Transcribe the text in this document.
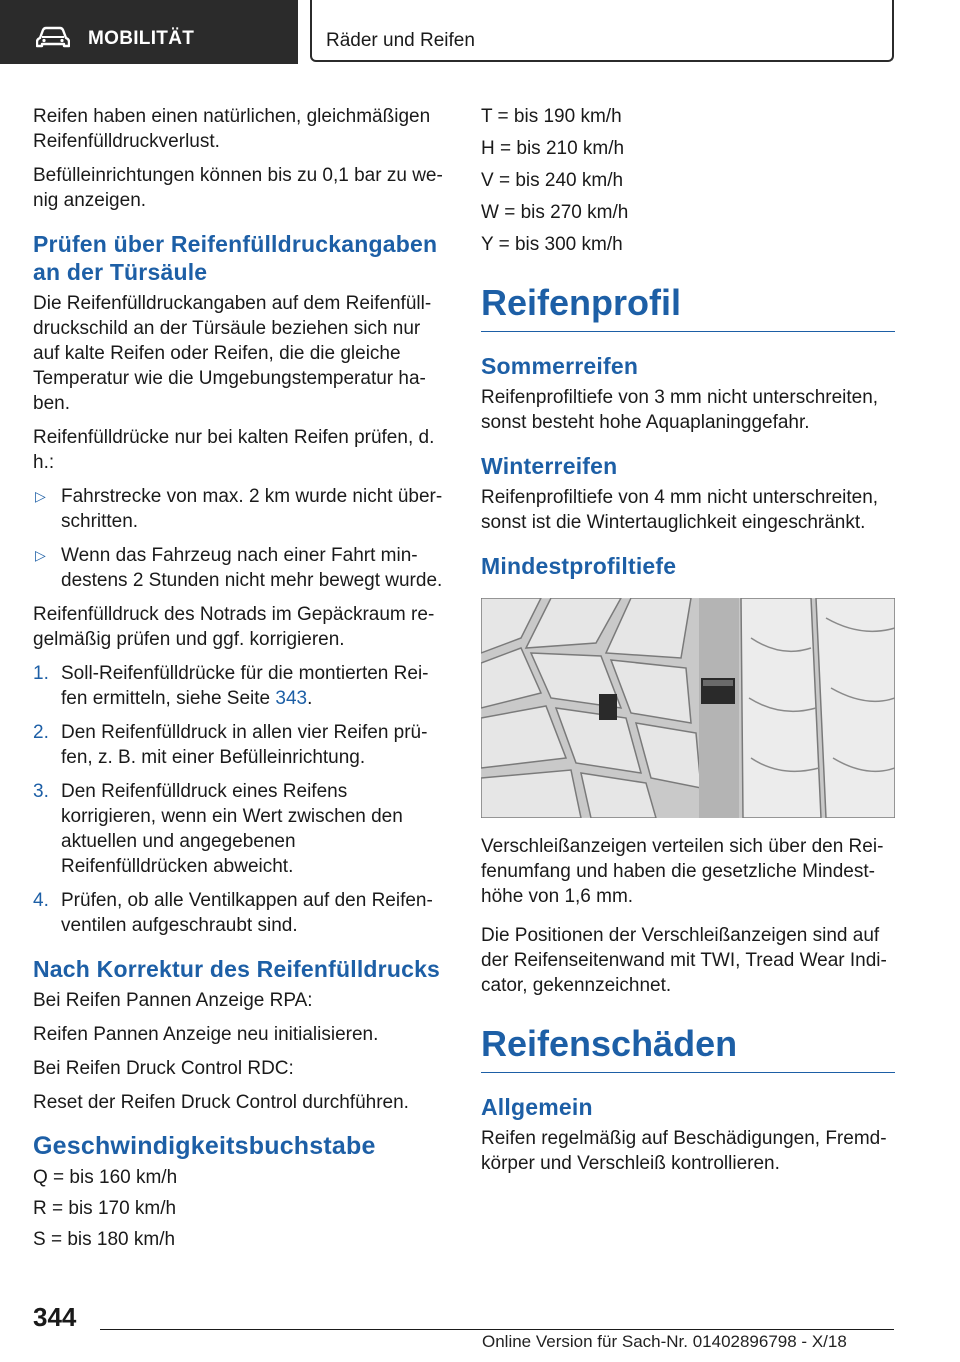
MOBILITÄT	Räder und Reifen

Reifen haben einen natürlichen, gleichmäßigen Reifenfülldruckverlust.

Befülleinrichtungen können bis zu 0,1 bar zu wenig anzeigen.

Prüfen über Reifenfülldruckangaben an der Türsäule

Die Reifenfülldruckangaben auf dem Reifenfülldruckschild an der Türsäule beziehen sich nur auf kalte Reifen oder Reifen, die die gleiche Temperatur wie die Umgebungstemperatur haben.

Reifenfülldrücke nur bei kalten Reifen prüfen, d. h.:

▷ Fahrstrecke von max. 2 km wurde nicht überschritten.
▷ Wenn das Fahrzeug nach einer Fahrt mindestens 2 Stunden nicht mehr bewegt wurde.

Reifenfülldruck des Notrads im Gepäckraum regelmäßig prüfen und ggf. korrigieren.

1. Soll-Reifenfülldrücke für die montierten Reifen ermitteln, siehe Seite 343.
2. Den Reifenfülldruck in allen vier Reifen prüfen, z. B. mit einer Befülleinrichtung.
3. Den Reifenfülldruck eines Reifens korrigieren, wenn ein Wert zwischen den aktuellen und angegebenen Reifenfülldrücken abweicht.
4. Prüfen, ob alle Ventilkappen auf den Reifenventilen aufgeschraubt sind.
Nach Korrektur des Reifenfülldrucks

Bei Reifen Pannen Anzeige RPA:

Reifen Pannen Anzeige neu initialisieren.

Bei Reifen Druck Control RDC:

Reset der Reifen Druck Control durchführen.

Geschwindigkeitsbuchstabe

Q = bis 160 km/h

R = bis 170 km/h

S = bis 180 km/h

T = bis 190 km/h

H = bis 210 km/h

V = bis 240 km/h

W = bis 270 km/h

Y = bis 300 km/h

Reifenprofil
Sommerreifen

Reifenprofiltiefe von 3 mm nicht unterschreiten, sonst besteht hohe Aquaplaninggefahr.

Winterreifen

Reifenprofiltiefe von 4 mm nicht unterschreiten, sonst ist die Wintertauglichkeit eingeschränkt.

Mindestprofiltiefe

Verschleißanzeigen verteilen sich über den Reifenumfang und haben die gesetzliche Mindesthöhe von 1,6 mm.

Die Positionen der Verschleißanzeigen sind auf der Reifenseitenwand mit TWI, Tread Wear Indicator, gekennzeichnet.

Reifenschäden
Allgemein

Reifen regelmäßig auf Beschädigungen, Fremdkörper und Verschleiß kontrollieren.

344
Online Version für Sach-Nr. 01402896798 - X/18
